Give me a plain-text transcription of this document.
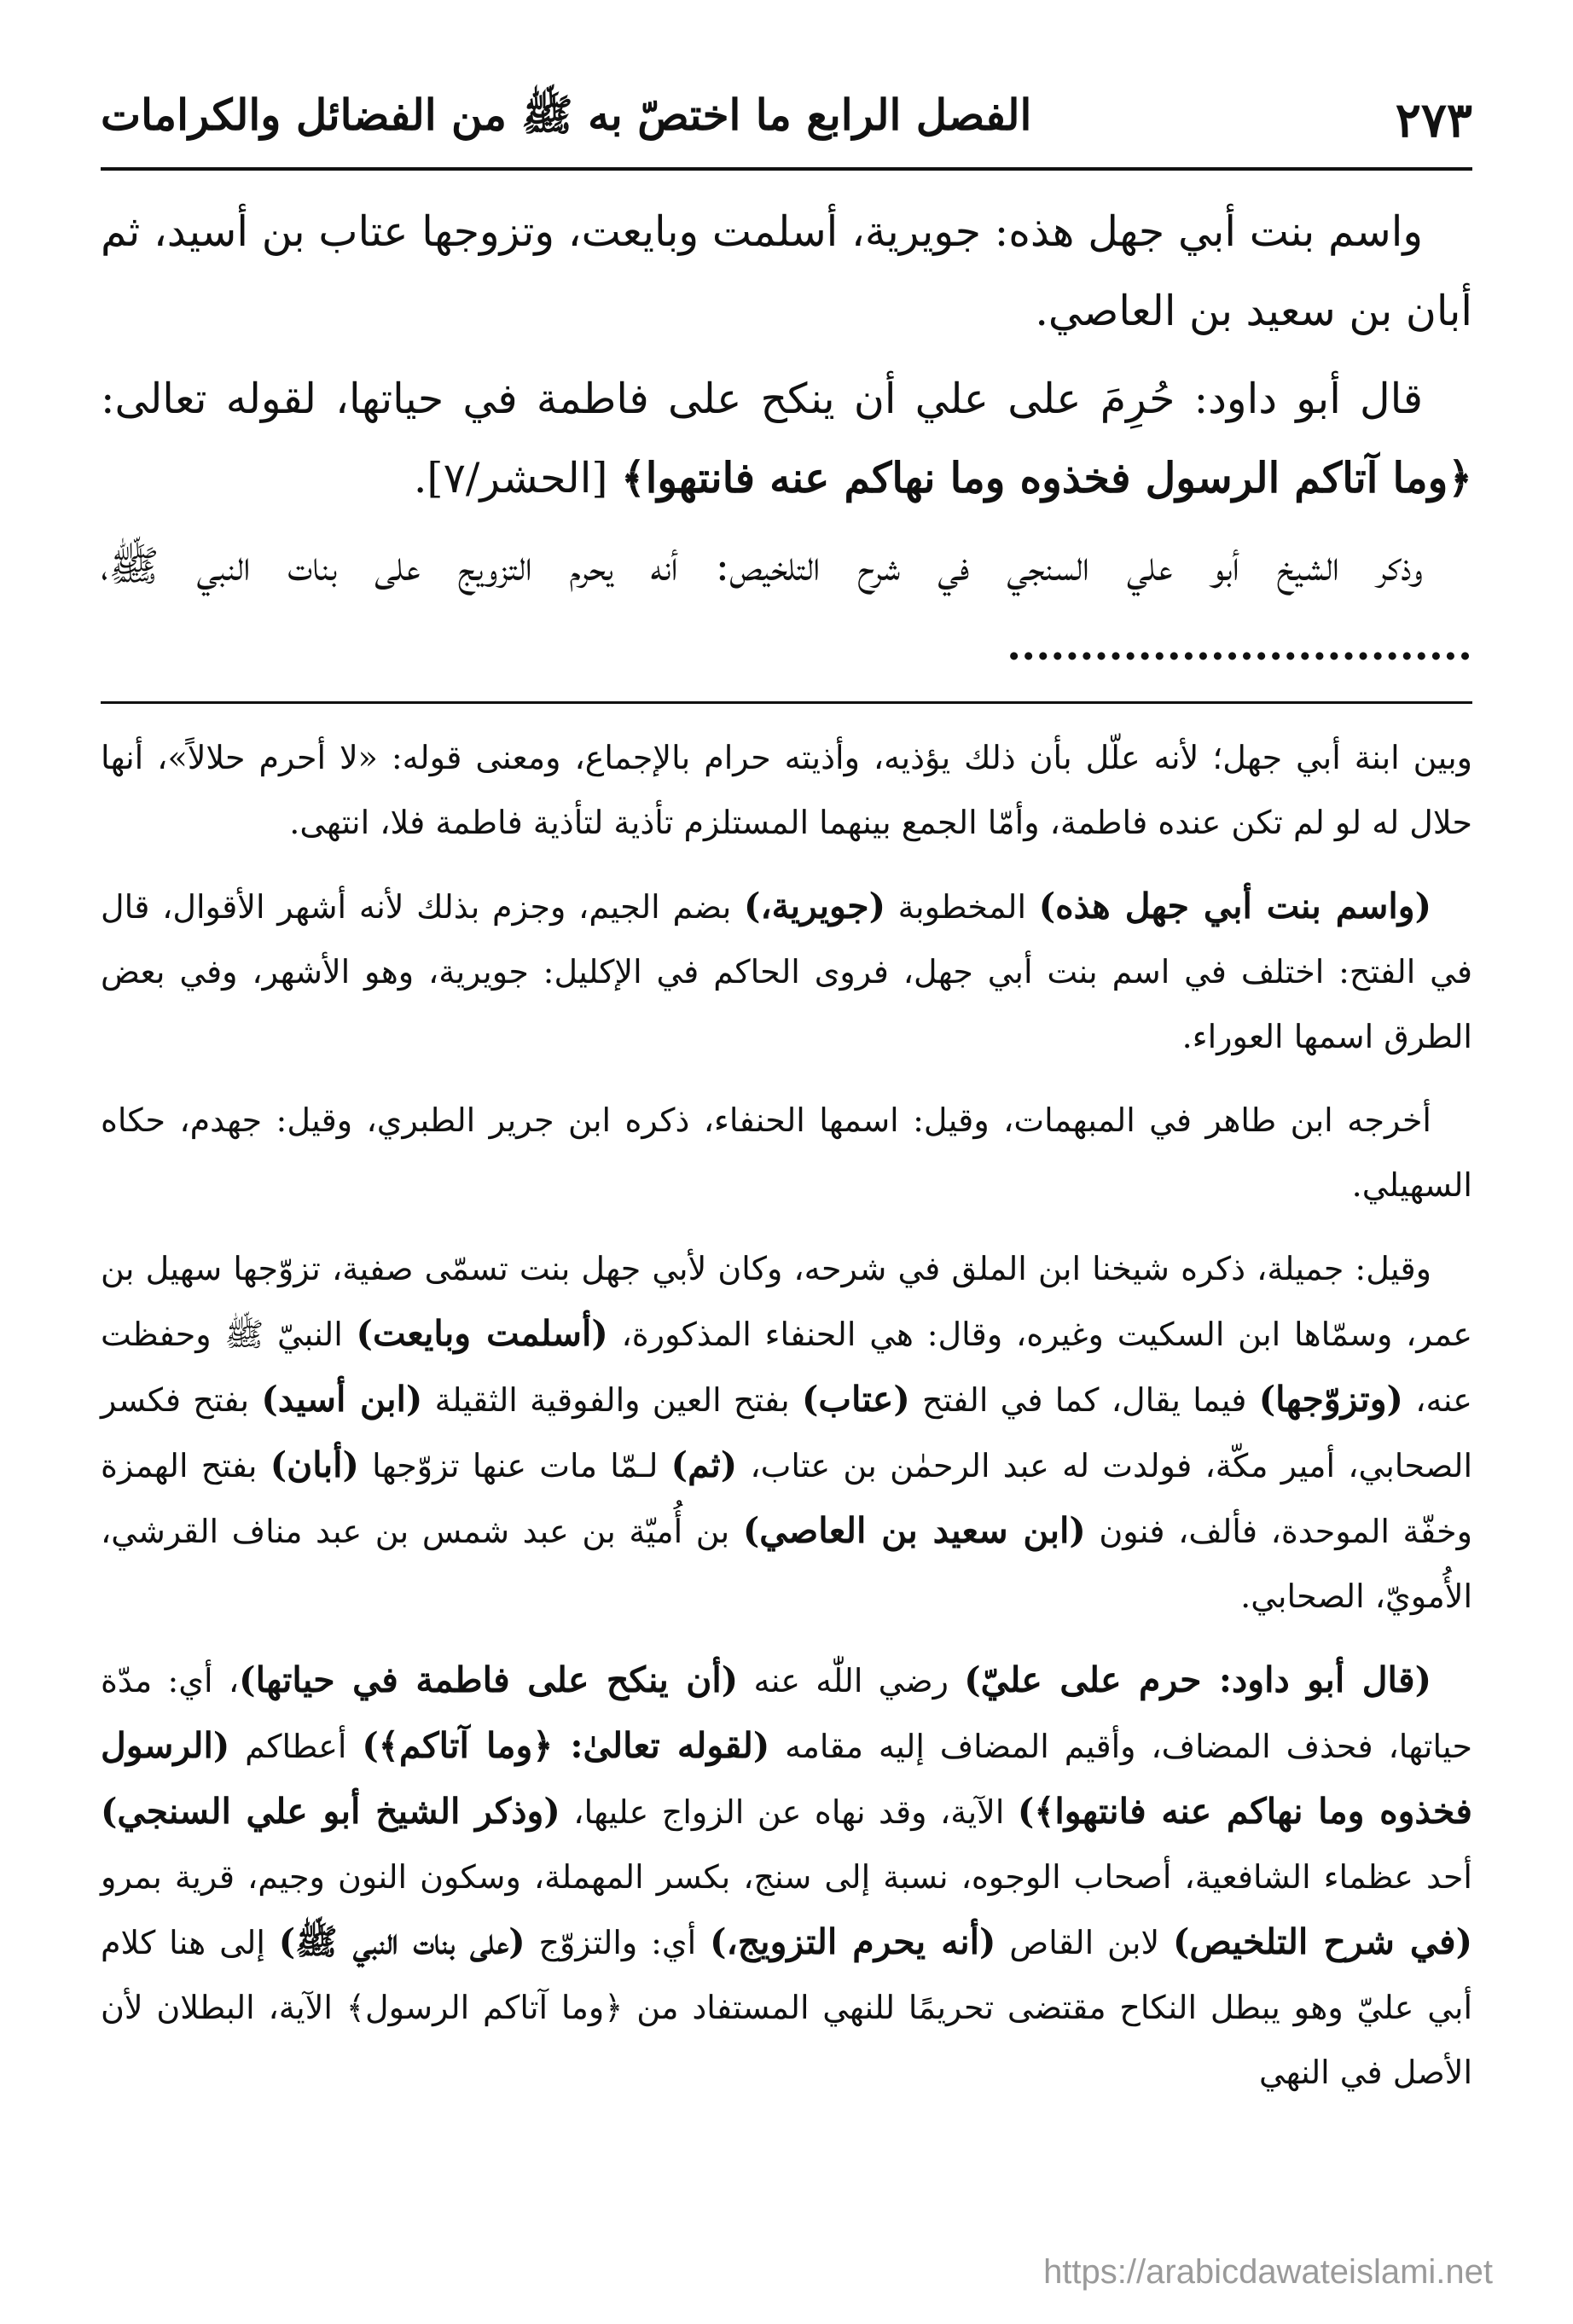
الفصل الرابع ما اختصّ به ﷺ من الفضائل والكرامات	٢٧٣

واسم بنت أبي جهل هذه: جويرية، أسلمت وبايعت، وتزوجها عتاب بن أسيد، ثم أبان بن سعيد بن العاصي.

قال أبو داود: حُرِمَ على علي أن ينكح على فاطمة في حياتها، لقوله تعالى: ﴿وما آتاكم الرسول فخذوه وما نهاكم عنه فانتهوا﴾ [الحشر/٧].

وذكر الشيخ أبو علي السنجي في شرح التلخيص: أنه يحرم التزويج على بنات النبي ﷺ، ................................

وبين ابنة أبي جهل؛ لأنه علّل بأن ذلك يؤذيه، وأذيته حرام بالإجماع، ومعنى قوله: «لا أحرم حلالاً»، أنها حلال له لو لم تكن عنده فاطمة، وأمّا الجمع بينهما المستلزم تأذية لتأذية فاطمة فلا، انتهى.

(واسم بنت أبي جهل هذه) المخطوبة (جويرية،) بضم الجيم، وجزم بذلك لأنه أشهر الأقوال، قال في الفتح: اختلف في اسم بنت أبي جهل، فروى الحاكم في الإكليل: جويرية، وهو الأشهر، وفي بعض الطرق اسمها العوراء.

أخرجه ابن طاهر في المبهمات، وقيل: اسمها الحنفاء، ذكره ابن جرير الطبري، وقيل: جهدم، حكاه السهيلي.

وقيل: جميلة، ذكره شيخنا ابن الملق في شرحه، وكان لأبي جهل بنت تسمّى صفية، تزوّجها سهيل بن عمر، وسمّاها ابن السكيت وغيره، وقال: هي الحنفاء المذكورة، (أسلمت وبايعت) النبيّ ﷺ وحفظت عنه، (وتزوّجها) فيما يقال، كما في الفتح (عتاب) بفتح العين والفوقية الثقيلة (ابن أسيد) بفتح فكسر الصحابي، أمير مكّة، فولدت له عبد الرحمٰن بن عتاب، (ثم) لـمّا مات عنها تزوّجها (أبان) بفتح الهمزة وخفّة الموحدة، فألف، فنون (ابن سعيد بن العاصي) بن أُميّة بن عبد شمس بن عبد مناف القرشي، الأُمويّ، الصحابي.

(قال أبو داود: حرم على عليّ) رضي اللّٰه عنه (أن ينكح على فاطمة في حياتها)، أي: مدّة حياتها، فحذف المضاف، وأقيم المضاف إليه مقامه (لقوله تعالىٰ: ﴿وما آتاكم﴾) أعطاكم (الرسول فخذوه وما نهاكم عنه فانتهوا﴾) الآية، وقد نهاه عن الزواج عليها، (وذكر الشيخ أبو علي السنجي) أحد عظماء الشافعية، أصحاب الوجوه، نسبة إلى سنج، بكسر المهملة، وسكون النون وجيم، قرية بمرو (في شرح التلخيص) لابن القاص (أنه يحرم التزويج،) أي: والتزوّج (على بنات النبي ﷺ) إلى هنا كلام أبي عليّ وهو يبطل النكاح مقتضى تحريمًا للنهي المستفاد من ﴿وما آتاكم الرسول﴾ الآية، البطلان لأن الأصل في النهي

https://arabicdawateislami.net
